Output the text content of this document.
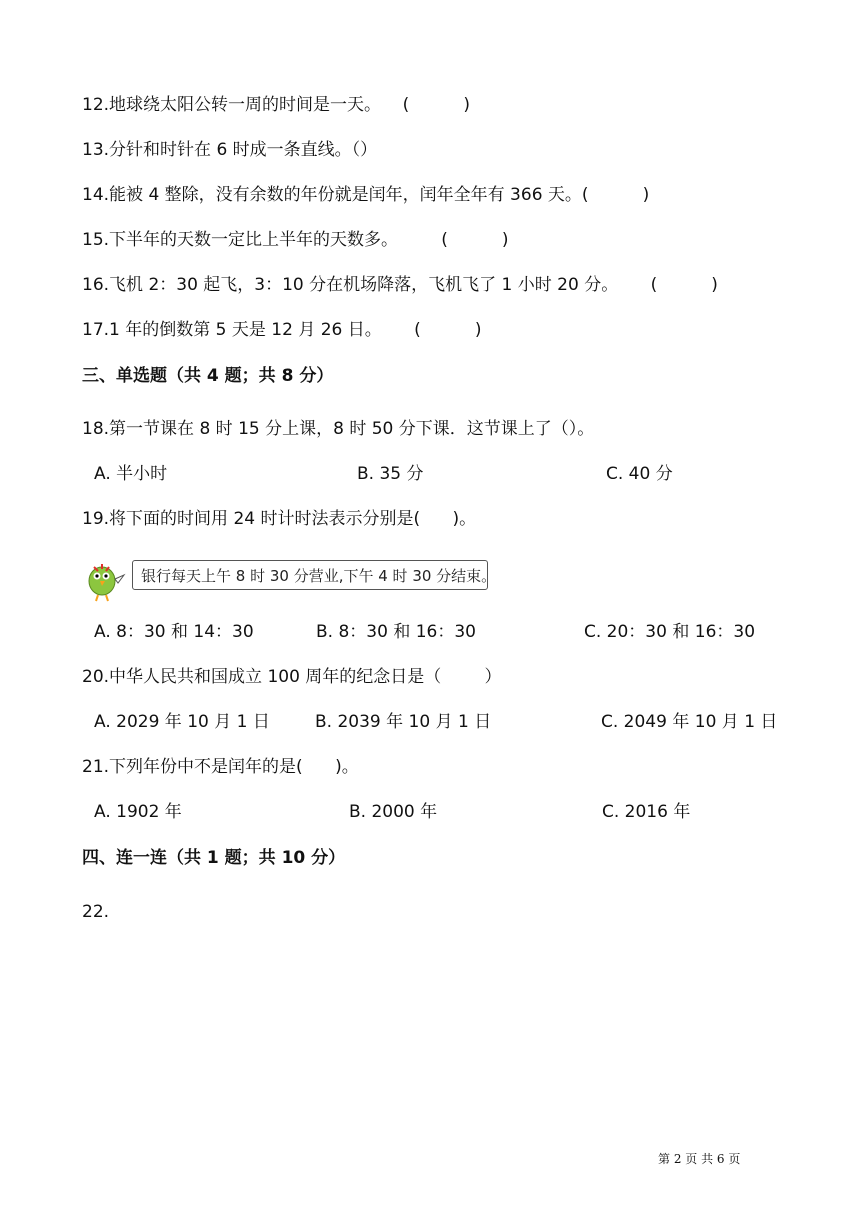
12.地球绕太阳公转一周的时间是一天。    (          )
13.分针和时针在 6 时成一条直线。（）
14.能被 4 整除，没有余数的年份就是闰年，闰年全年有 366 天。(          )
15.下半年的天数一定比上半年的天数多。        (          )
16.飞机 2：30 起飞，3：10 分在机场降落，飞机飞了 1 小时 20 分。      (          )
17.1 年的倒数第 5 天是 12 月 26 日。      (          )
三、单选题（共 4 题；共 8 分）
18.第一节课在 8 时 15 分上课，8 时 50 分下课．这节课上了（）。
A. 半小时	B. 35 分	C. 40 分
19.将下面的时间用 24 时计时法表示分别是(      )。
银行每天上午 8 时 30 分营业,下午 4 时 30 分结束。
A. 8：30 和 14：30	B. 8：30 和 16：30	C. 20：30 和 16：30
20.中华人民共和国成立 100 周年的纪念日是（        ）
A. 2029 年 10 月 1 日	B. 2039 年 10 月 1 日	C. 2049 年 10 月 1 日
21.下列年份中不是闰年的是(      )。
A. 1902 年	B. 2000 年	C. 2016 年
四、连一连（共 1 题；共 10 分）
22.
第 2 页 共 6 页
